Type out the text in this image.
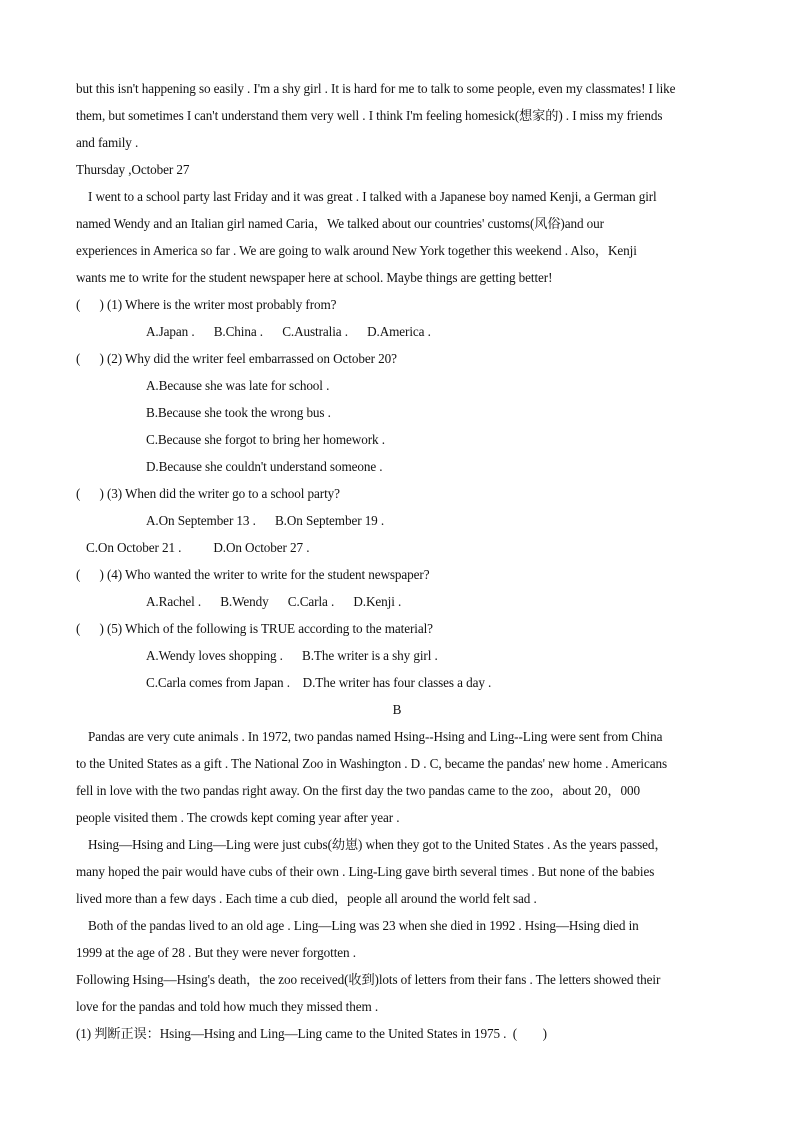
but this isn't happening so easily . I'm a shy girl . It is hard for me to talk to some people, even my classmates! I like
them, but sometimes I can't understand them very well . I think I'm feeling homesick(想家的) . I miss my friends
and family .
Thursday ,October 27
I went to a school party last Friday and it was great . I talked with a Japanese boy named Kenji, a German girl
named Wendy and an Italian girl named Caria，We talked about our countries' customs(风俗)and our
experiences in America so far . We are going to walk around New York together this weekend . Also，Kenji
wants me to write for the student newspaper here at school. Maybe things are getting better!
(      ) (1) Where is the writer most probably from?
A.Japan .      B.China .      C.Australia .      D.America .
(      ) (2) Why did the writer feel embarrassed on October 20?
A.Because she was late for school .
B.Because she took the wrong bus .
C.Because she forgot to bring her homework .
D.Because she couldn't understand someone .
(      ) (3) When did the writer go to a school party?
A.On September 13 .      B.On September 19 .
C.On October 21 .          D.On October 27 .
(      ) (4) Who wanted the writer to write for the student newspaper?
A.Rachel .      B.Wendy      C.Carla .      D.Kenji .
(      ) (5) Which of the following is TRUE according to the material?
A.Wendy loves shopping .      B.The writer is a shy girl .
C.Carla comes from Japan .    D.The writer has four classes a day .
B
Pandas are very cute animals . In 1972, two pandas named Hsing--Hsing and Ling--Ling were sent from China
to the United States as a gift . The National Zoo in Washington . D . C, became the pandas' new home . Americans
fell in love with the two pandas right away. On the first day the two pandas came to the zoo，about 20，000
people visited them . The crowds kept coming year after year .
Hsing—Hsing and Ling—Ling were just cubs(幼崽) when they got to the United States . As the years passed，
many hoped the pair would have cubs of their own . Ling-Ling gave birth several times . But none of the babies
lived more than a few days . Each time a cub died，people all around the world felt sad .
Both of the pandas lived to an old age . Ling—Ling was 23 when she died in 1992 . Hsing—Hsing died in
1999 at the age of 28 . But they were never forgotten .
Following Hsing—Hsing's death，the zoo received(收到)lots of letters from their fans . The letters showed their
love for the pandas and told how much they missed them .
(1) 判断正误：Hsing—Hsing and Ling—Ling came to the United States in 1975 .  (        )
